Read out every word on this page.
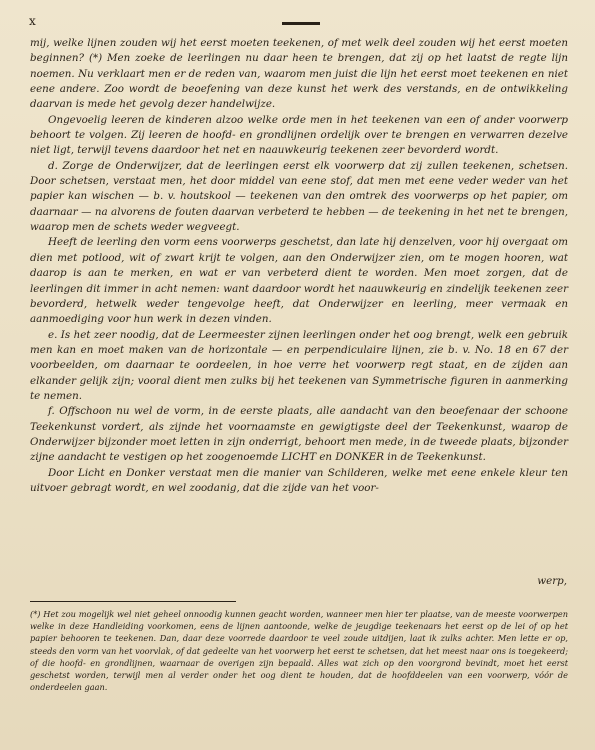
x

mij, welke lijnen zouden wij het eerst moeten teekenen, of met welk deel zouden wij het eerst moeten beginnen? (*) Men zoeke de leerlingen nu daar heen te brengen, dat zij op het laatst de regte lijn noemen. Nu verklaart men er de reden van, waarom men juist die lijn het eerst moet teekenen en niet eene andere. Zoo wordt de beoefening van deze kunst het werk des verstands, en de ontwikkeling daarvan is mede het gevolg dezer handelwijze.

Ongevoelig leeren de kinderen alzoo welke orde men in het teekenen van een of ander voorwerp behoort te volgen. Zij leeren de hoofd- en grondlijnen ordelijk over te brengen en verwarren dezelve niet ligt, terwijl tevens daardoor het net en naauwkeurig teekenen zeer bevorderd wordt.

d. Zorge de Onderwijzer, dat de leerlingen eerst elk voorwerp dat zij zullen teekenen, schetsen. Door schetsen, verstaat men, het door middel van eene stof, dat men met eene veder weder van het papier kan wischen — b. v. houtskool — teekenen van den omtrek des voorwerps op het papier, om daarnaar — na alvorens de fouten daarvan verbeterd te hebben — de teekening in het net te brengen, waarop men de schets weder wegveegt.

Heeft de leerling den vorm eens voorwerps geschetst, dan late hij denzelven, voor hij overgaat om dien met potlood, wit of zwart krijt te volgen, aan den Onderwijzer zien, om te mogen hooren, wat daarop is aan te merken, en wat er van verbeterd dient te worden. Men moet zorgen, dat de leerlingen dit immer in acht nemen: want daardoor wordt het naauwkeurig en zindelijk teekenen zeer bevorderd, hetwelk weder tengevolge heeft, dat Onderwijzer en leerling, meer vermaak en aanmoediging voor hun werk in dezen vinden.

e. Is het zeer noodig, dat de Leermeester zijnen leerlingen onder het oog brengt, welk een gebruik men kan en moet maken van de horizontale — en perpendiculaire lijnen, zie b. v. No. 18 en 67 der voorbeelden, om daarnaar te oordeelen, in hoe verre het voorwerp regt staat, en de zijden aan elkander gelijk zijn; vooral dient men zulks bij het teekenen van Symmetrische figuren in aanmerking te nemen.

f. Offschoon nu wel de vorm, in de eerste plaats, alle aandacht van den beoefenaar der schoone Teekenkunst vordert, als zijnde het voornaamste en gewigtigste deel der Teekenkunst, waarop de Onderwijzer bijzonder moet letten in zijn onderrigt, behoort men mede, in de tweede plaats, bijzonder zijne aandacht te vestigen op het zoogenoemde LICHT en DONKER in de Teekenkunst.

Door Licht en Donker verstaat men die manier van Schilderen, welke met eene enkele kleur ten uitvoer gebragt wordt, en wel zoodanig, dat die zijde van het voor-

werp,

(*) Het zou mogelijk wel niet geheel onnoodig kunnen geacht worden, wanneer men hier ter plaatse, van de meeste voorwerpen welke in deze Handleiding voorkomen, eens de lijnen aantoonde, welke de jeugdige teekenaars het eerst op de lei of op het papier behooren te teekenen. Dan, daar deze voorrede daardoor te veel zoude uitdijen, laat ik zulks achter. Men lette er op, steeds den vorm van het voorvlak, of dat gedeelte van het voorwerp het eerst te schetsen, dat het meest naar ons is toegekeerd; of die hoofd- en grondlijnen, waarnaar de overigen zijn bepaald. Alles wat zich op den voorgrond bevindt, moet het eerst geschetst worden, terwijl men al verder onder het oog dient te houden, dat de hoofddeelen van een voorwerp, vóór de onderdeelen gaan.
